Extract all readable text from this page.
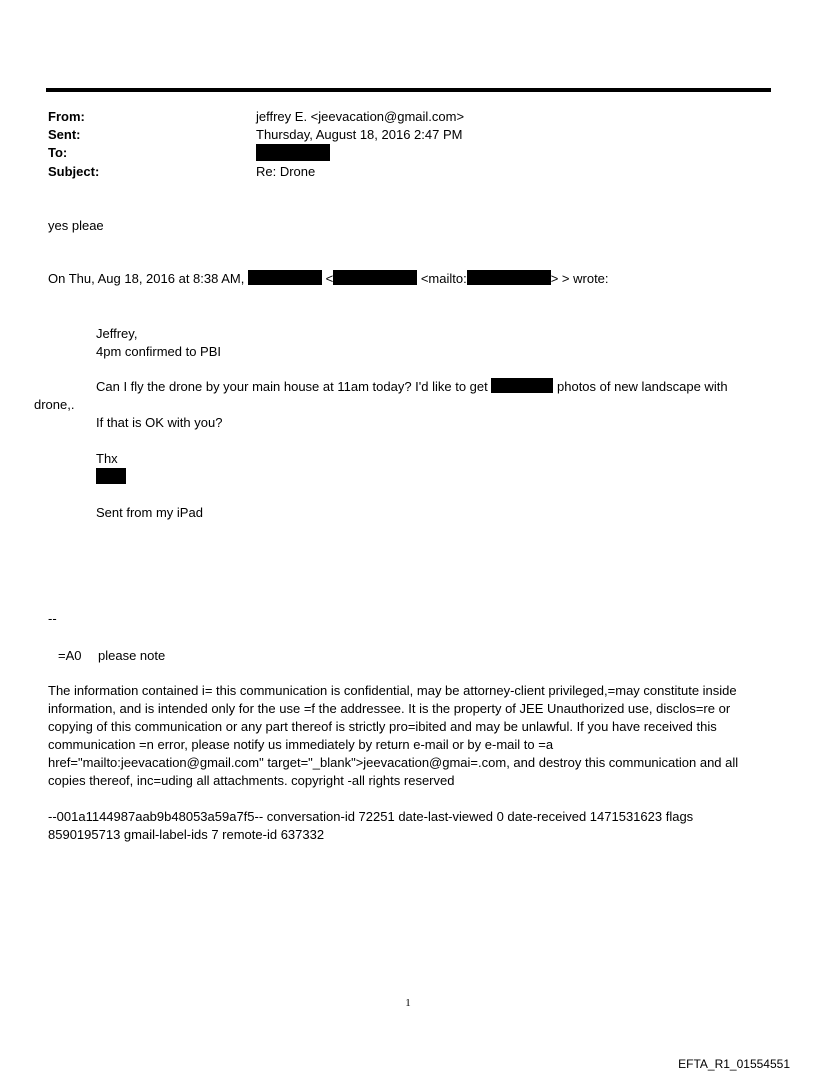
From:	jeffrey E. <jeevacation@gmail.com>
Sent:	Thursday, August 18, 2016 2:47 PM
To:
Subject:	Re: Drone
yes pleae
On Thu, Aug 18, 2016 at 8:38 AM,	<	<mailto:	> > wrote:
Jeffrey,
4pm confirmed to PBI
Can I fly the drone by your main house at 11am today? I'd like to get	photos of new landscape with
drone,.
If that is OK with you?
Thx
Sent from my iPad
--
=A0 please note
The information contained i= this communication is confidential, may be attorney-client privileged,=may constitute inside information, and is intended only for the use =f the addressee. It is the property of JEE Unauthorized use, disclos=re or copying of this communication or any part thereof is strictly pro=ibited and may be unlawful. If you have received this communication =n error, please notify us immediately by return e-mail or by e-mail to =a href="mailto:jeevacation@gmail.com" target="_blank">jeevacation@gmai=.com, and destroy this communication and all copies thereof, inc=uding all attachments. copyright -all rights reserved
--001a1144987aab9b48053a59a7f5-- conversation-id 72251 date-last-viewed 0 date-received 1471531623 flags 8590195713 gmail-label-ids 7 remote-id 637332
1
EFTA_R1_01554551
